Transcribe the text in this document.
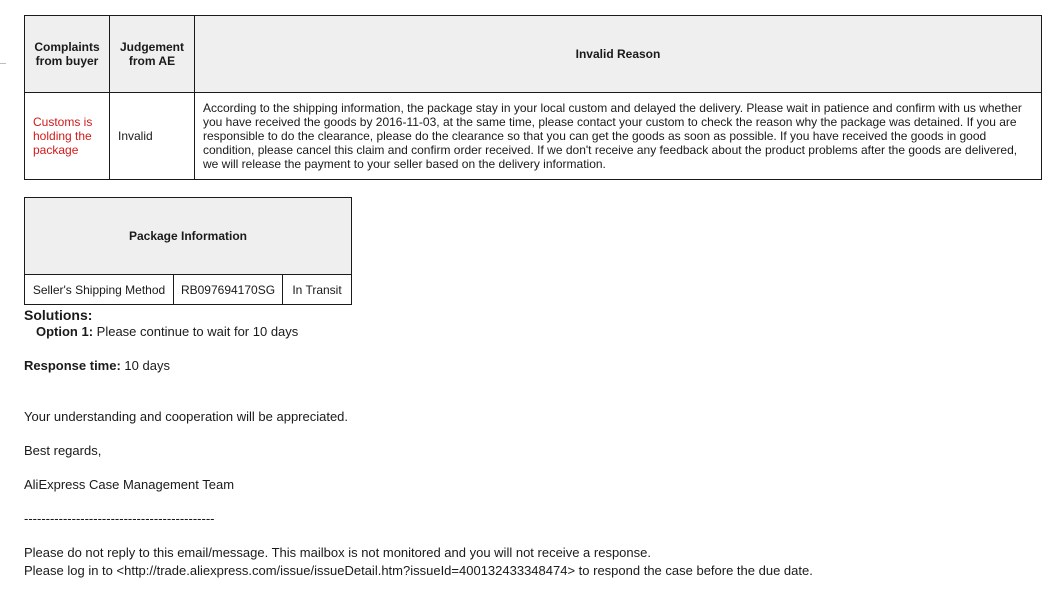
Complaints from buyer	Judgement from AE	Invalid Reason
Customs is holding the package	Invalid	According to the shipping information, the package stay in your local custom and delayed the delivery. Please wait in patience and confirm with us whether you have received the goods by 2016-11-03, at the same time, please contact your custom to check the reason why the package was detained. If you are responsible to do the clearance, please do the clearance so that you can get the goods as soon as possible. If you have received the goods in good condition, please cancel this claim and confirm order received. If we don't receive any feedback about the product problems after the goods are delivered, we will release the payment to your seller based on the delivery information.
Package Information
Seller's Shipping Method	RB097694170SG	In Transit
Solutions:
Option 1: Please continue to wait for 10 days
Response time: 10 days
Your understanding and cooperation will be appreciated.
Best regards,
AliExpress Case Management Team
--------------------------------------------
Please do not reply to this email/message. This mailbox is not monitored and you will not receive a response.
Please log in to <http://trade.aliexpress.com/issue/issueDetail.htm?issueId=400132433348474> to respond the case before the due date.
